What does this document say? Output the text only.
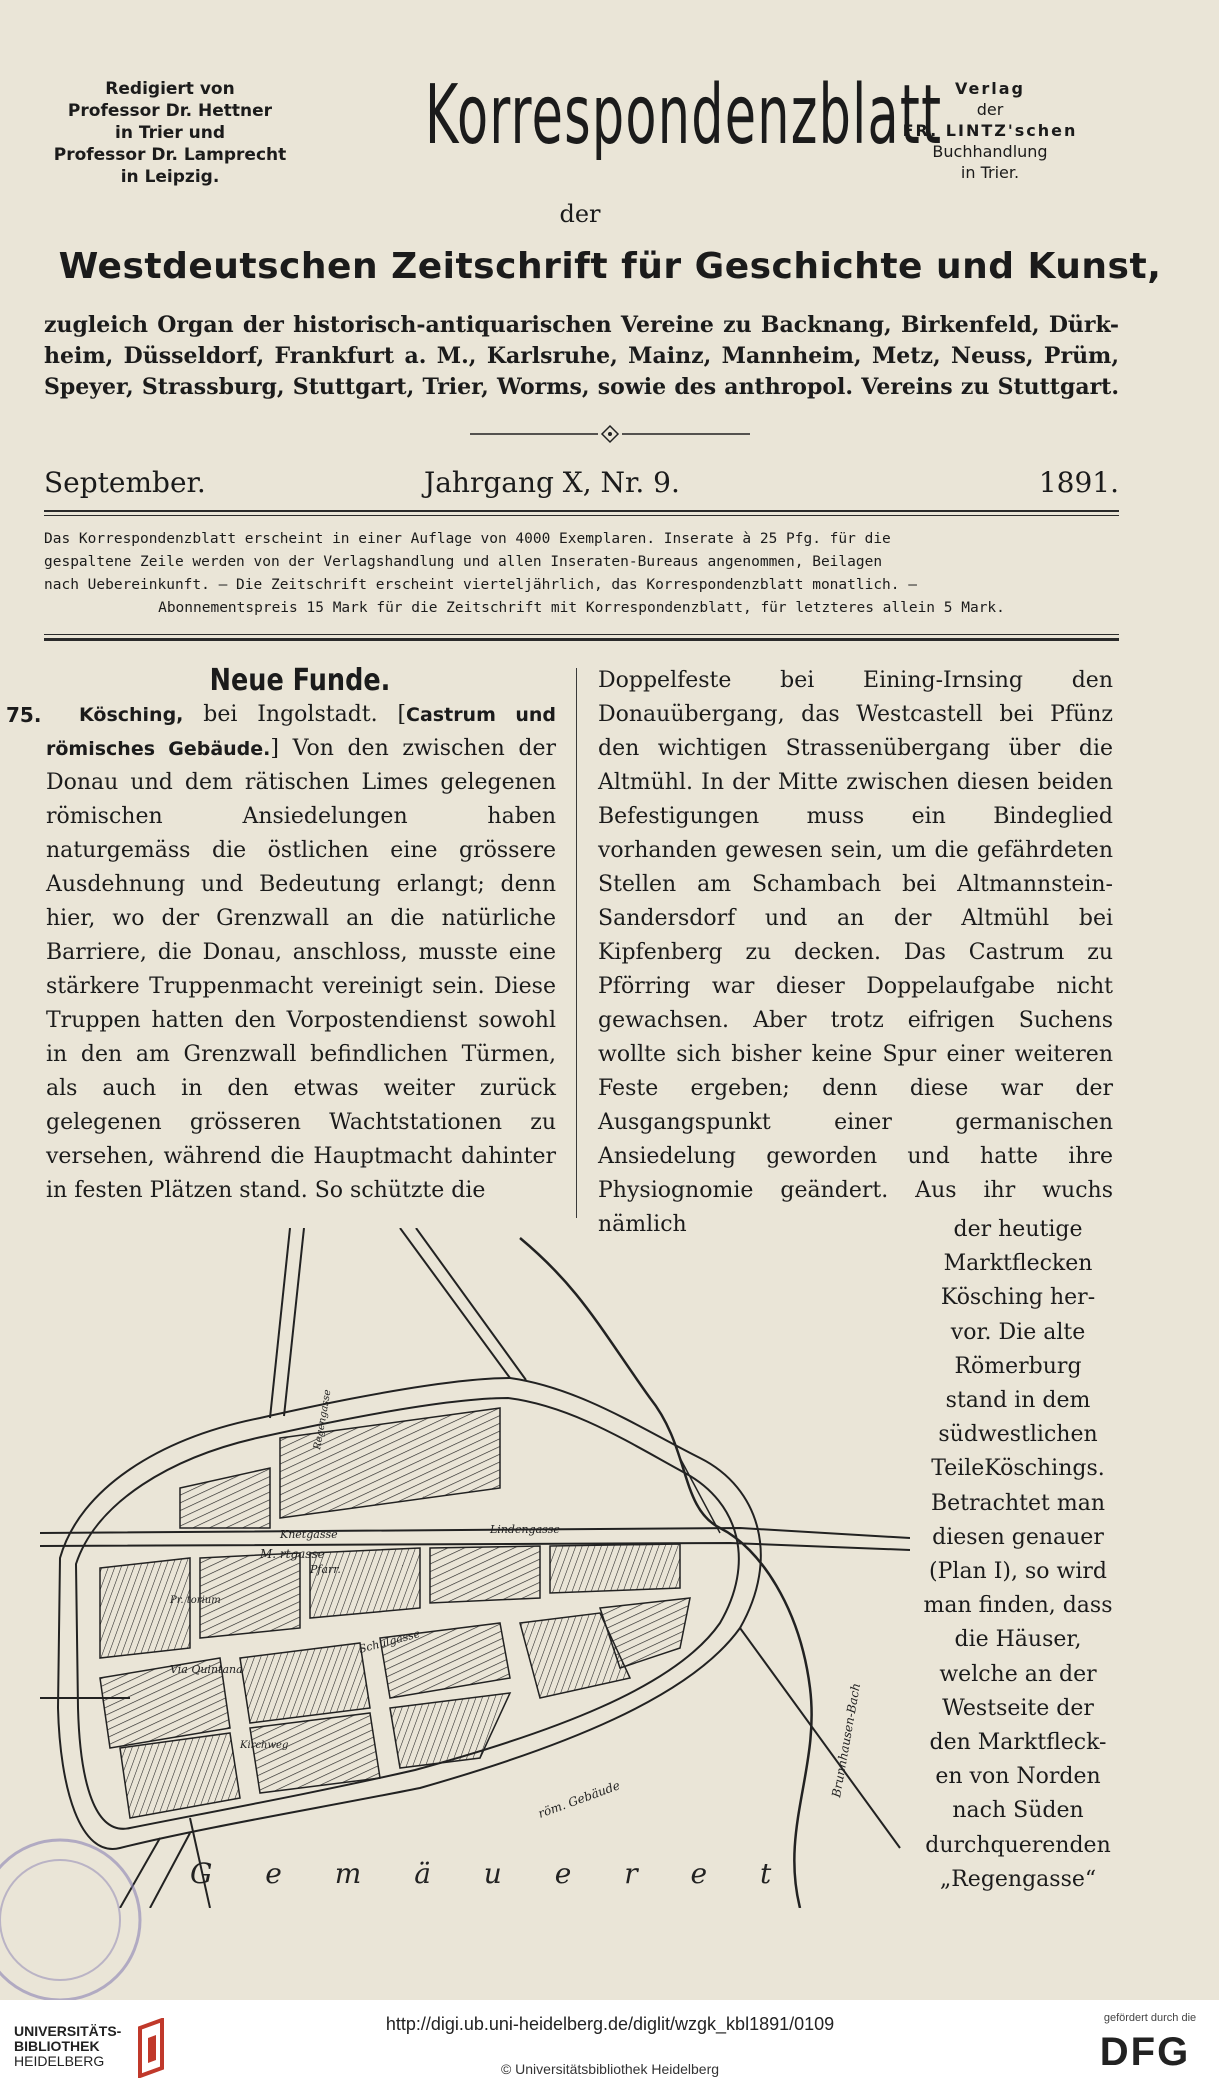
Redigiert von
Professor Dr. Hettner
in Trier und
Professor Dr. Lamprecht
in Leipzig.
Korrespondenzblatt Verlag
der
FR. LINTZ'schen
Buchhandlung
in Trier.
der
Westdeutschen Zeitschrift für Geschichte und Kunst,
zugleich Organ der historisch-antiquarischen Vereine zu Backnang, Birkenfeld, Dürk-
heim, Düsseldorf, Frankfurt a. M., Karlsruhe, Mainz, Mannheim, Metz, Neuss, Prüm,
Speyer, Strassburg, Stuttgart, Trier, Worms, sowie des anthropol. Vereins zu Stuttgart.
September.	Jahrgang X, Nr. 9.	1891.

Das Korrespondenzblatt erscheint in einer Auflage von 4000 Exemplaren. Inserate à 25 Pfg. für die

gespaltene Zeile werden von der Verlagshandlung und allen Inseraten-Bureaus angenommen, Beilagen

nach Uebereinkunft. — Die Zeitschrift erscheint vierteljährlich, das Korrespondenzblatt monatlich. —

Abonnementspreis 15 Mark für die Zeitschrift mit Korrespondenzblatt, für letzteres allein 5 Mark.

Neue Funde.
75.

  	Kösching, bei Ingolstadt. [Castrum und römisches Gebäude.] Von den zwischen der Donau und dem rätischen Limes gelegenen römischen Ansiedelungen haben naturgemäss die östlichen eine grössere Ausdehnung und Bedeutung erlangt; denn hier, wo der Grenzwall an die natürliche Barriere, die Donau, anschloss, musste eine stärkere Truppenmacht vereinigt sein. Diese Truppen hatten den Vorpostendienst sowohl in den am Grenzwall befindlichen Türmen, als auch in den etwas weiter zurück gelegenen grösseren Wachtstationen zu versehen, während die Hauptmacht dahinter in festen Plätzen stand. So schützte die

Doppelfeste bei Eining-Irnsing den Donauübergang, das Westcastell bei Pfünz den wichtigen Strassenübergang über die Altmühl. In der Mitte zwischen diesen beiden Befestigungen muss ein Bindeglied vorhanden gewesen sein, um die gefährdeten Stellen am Schambach bei Altmannstein-Sandersdorf und an der Altmühl bei Kipfenberg zu decken. Das Castrum zu Pförring war dieser Doppelaufgabe nicht gewachsen. Aber trotz eifrigen Suchens wollte sich bisher keine Spur einer weiteren Feste ergeben; denn diese war der Ausgangspunkt einer germanischen Ansiedelung geworden und hatte ihre Physiognomie geändert. Aus ihr wuchs nämlich	der heutige
Marktflecken
Kösching her-
vor. Die alte
Römerburg
stand in dem
südwestlichen
TeileKöschings.
Betrachtet man
diesen genauer
(Plan I), so wird
man finden, dass
die Häuser,
welche an der
Westseite der
den Marktfleck-
en von Norden
nach Süden
durchquerenden
„Regengasse“
G e m ä u e r e t
röm. Gebäude
Brunnhausen-Bach
M. rtgasse
Pfarr.
Schulgasse
Via Quintana
Pr. torium
Kirchweg
Regengasse
Knetgasse	Lindengasse
UNIVERSITÄTS-
BIBLIOTHEK
HEIDELBERG
http://digi.ub.uni-heidelberg.de/diglit/wzgk_kbl1891/0109
© Universitätsbibliothek Heidelberg
gefördert durch die
DFG
